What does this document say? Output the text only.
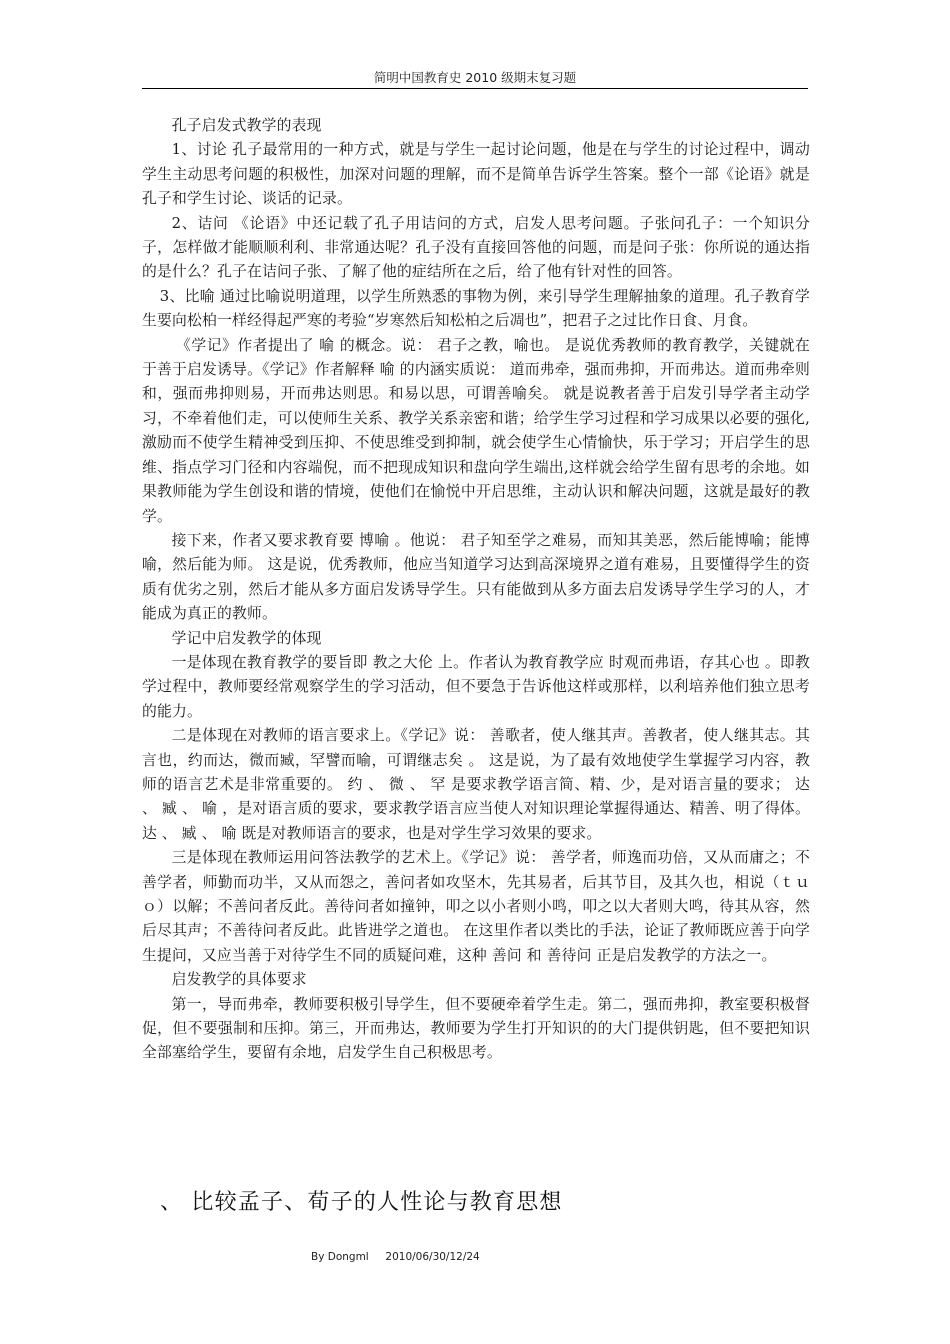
简明中国教育史 2010 级期末复习题

孔子启发式教学的表现

1、讨论 孔子最常用的一种方式，就是与学生一起讨论问题，他是在与学生的讨论过程中，调动学生主动思考问题的积极性，加深对问题的理解，而不是简单告诉学生答案。整个一部《论语》就是孔子和学生讨论、谈话的记录。

2、诘问 《论语》中还记载了孔子用诘问的方式，启发人思考问题。子张问孔子：一个知识分子，怎样做才能顺顺利利、非常通达呢？孔子没有直接回答他的问题，而是问子张：你所说的通达指的是什么？孔子在诘问子张、了解了他的症结所在之后，给了他有针对性的回答。

3、比喻 通过比喻说明道理，以学生所熟悉的事物为例，来引导学生理解抽象的道理。孔子教育学生要向松柏一样经得起严寒的考验“岁寒然后知松柏之后凋也”，把君子之过比作日食、月食。

《学记》作者提出了 喻 的概念。说： 君子之教，喻也。 是说优秀教师的教育教学，关键就在于善于启发诱导。《学记》作者解释 喻 的内涵实质说： 道而弗牵，强而弗抑，开而弗达。道而弗牵则和，强而弗抑则易，开而弗达则思。和易以思，可谓善喻矣。 就是说教者善于启发引导学者主动学习，不牵着他们走，可以使师生关系、教学关系亲密和谐；给学生学习过程和学习成果以必要的强化,激励而不使学生精神受到压抑、不使思维受到抑制，就会使学生心情愉快，乐于学习；开启学生的思维、指点学习门径和内容端倪，而不把现成知识和盘向学生端出,这样就会给学生留有思考的余地。如果教师能为学生创设和谐的情境，使他们在愉悦中开启思维，主动认识和解决问题，这就是最好的教学。

接下来，作者又要求教育要 博喻 。他说： 君子知至学之难易，而知其美恶，然后能博喻；能博喻，然后能为师。 这是说，优秀教师，他应当知道学习达到高深境界之道有难易，且要懂得学生的资质有优劣之别，然后才能从多方面启发诱导学生。只有能做到从多方面去启发诱导学生学习的人，才能成为真正的教师。

学记中启发教学的体现

一是体现在教育教学的要旨即 教之大伦 上。作者认为教育教学应 时观而弗语，存其心也 。即教学过程中，教师要经常观察学生的学习活动，但不要急于告诉他这样或那样，以利培养他们独立思考的能力。

二是体现在对教师的语言要求上。《学记》说： 善歌者，使人继其声。善教者，使人继其志。其言也，约而达，微而臧，罕譬而喻，可谓继志矣 。 这是说，为了最有效地使学生掌握学习内容，教师的语言艺术是非常重要的。 约 、 微 、 罕 是要求教学语言简、精、少，是对语言量的要求； 达 、 臧 、 喻 ，是对语言质的要求，要求教学语言应当使人对知识理论掌握得通达、精善、明了得体。 达 、 臧 、 喻 既是对教师语言的要求，也是对学生学习效果的要求。

三是体现在教师运用问答法教学的艺术上。《学记》说： 善学者，师逸而功倍，又从而庸之；不善学者，师勤而功半，又从而怨之，善问者如攻坚木，先其易者，后其节目，及其久也，相说（ｔｕｏ）以解；不善问者反此。善待问者如撞钟，叩之以小者则小鸣，叩之以大者则大鸣，待其从容，然后尽其声；不善待问者反此。此皆进学之道也。 在这里作者以类比的手法，论证了教师既应善于向学生提问，又应当善于对待学生不同的质疑问难，这种 善问 和 善待问 正是启发教学的方法之一。

启发教学的具体要求

第一，导而弗牵，教师要积极引导学生，但不要硬牵着学生走。第二，强而弗抑，教室要积极督促，但不要强制和压抑。第三，开而弗达，教师要为学生打开知识的的大门提供钥匙，但不要把知识全部塞给学生，要留有余地，启发学生自己积极思考。

、 比较孟子、荀子的人性论与教育思想
By Dongml     2010/06/30/12/24
